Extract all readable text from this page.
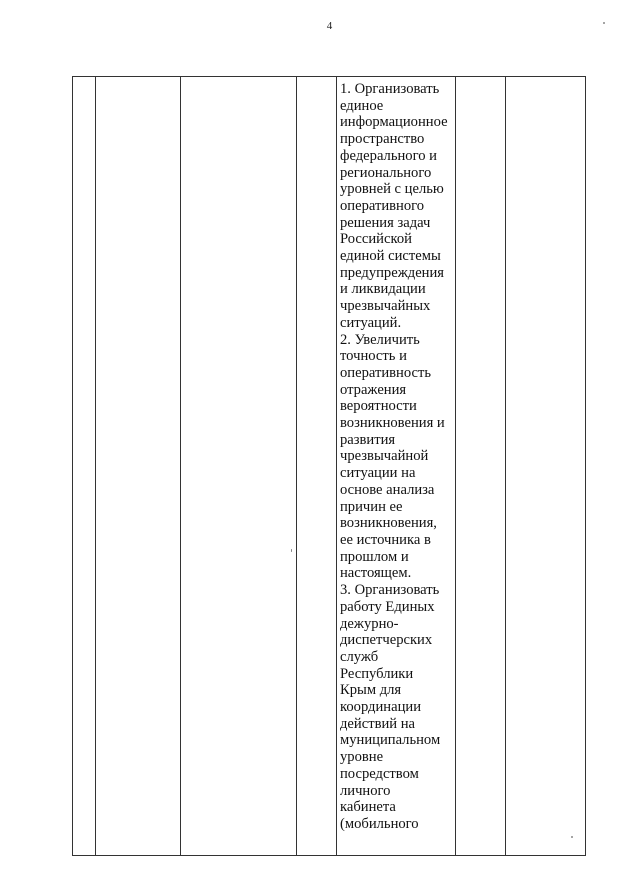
4
1. Организовать
единое
информационное
пространство
федерального и
регионального
уровней с целью
оперативного
решения задач
Российской
единой системы
предупреждения
и ликвидации
чрезвычайных
ситуаций.
2. Увеличить
точность и
оперативность
отражения
вероятности
возникновения и
развития
чрезвычайной
ситуации на
основе анализа
причин ее
возникновения,
ее источника в
прошлом и
настоящем.
3. Организовать
работу Единых
дежурно-
диспетчерских
служб
Республики
Крым для
координации
действий на
муниципальном
уровне
посредством
личного
кабинета
(мобильного
